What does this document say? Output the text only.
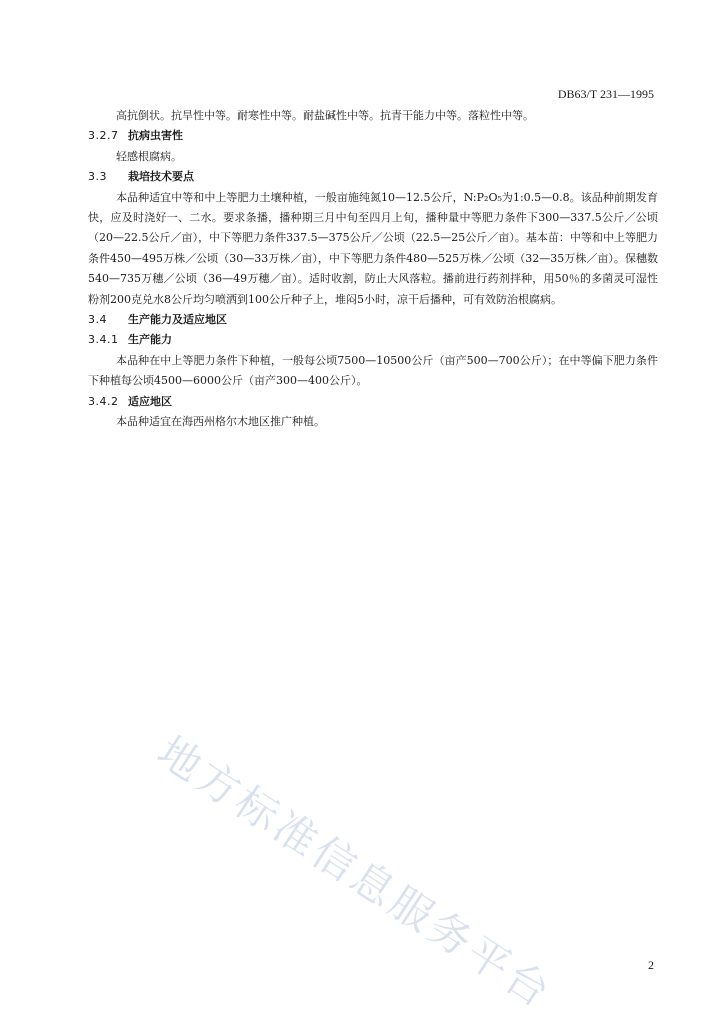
DB63/T 231—1995

高抗倒状。抗旱性中等。耐寒性中等。耐盐碱性中等。抗青干能力中等。落粒性中等。

3.2.7 抗病虫害性

轻感根腐病。

3.3 栽培技术要点

本品种适宜中等和中上等肥力土壤种植，一般亩施纯氮10—12.5公斤，N:P₂O₅为1:0.5—0.8。该品种前期发育快，应及时浇好一、二水。要求条播，播种期三月中旬至四月上旬，播种量中等肥力条件下300—337.5公斤／公顷（20—22.5公斤／亩），中下等肥力条件337.5—375公斤／公顷（22.5—25公斤／亩）。基本苗：中等和中上等肥力条件450—495万株／公顷（30—33万株／亩），中下等肥力条件480—525万株／公顷（32—35万株／亩）。保穗数540—735万穗／公顷（36—49万穗／亩）。适时收割，防止大风落粒。播前进行药剂拌种，用50％的多菌灵可湿性粉剂200克兑水8公斤均匀喷洒到100公斤种子上，堆闷5小时，凉干后播种，可有效防治根腐病。

3.4 生产能力及适应地区
3.4.1 生产能力

本品种在中上等肥力条件下种植，一般每公顷7500—10500公斤（亩产500—700公斤）；在中等偏下肥力条件下种植每公顷4500—6000公斤（亩产300—400公斤）。

3.4.2 适应地区

本品种适宜在海西州格尔木地区推广种植。

地方标准信息服务平台	2
